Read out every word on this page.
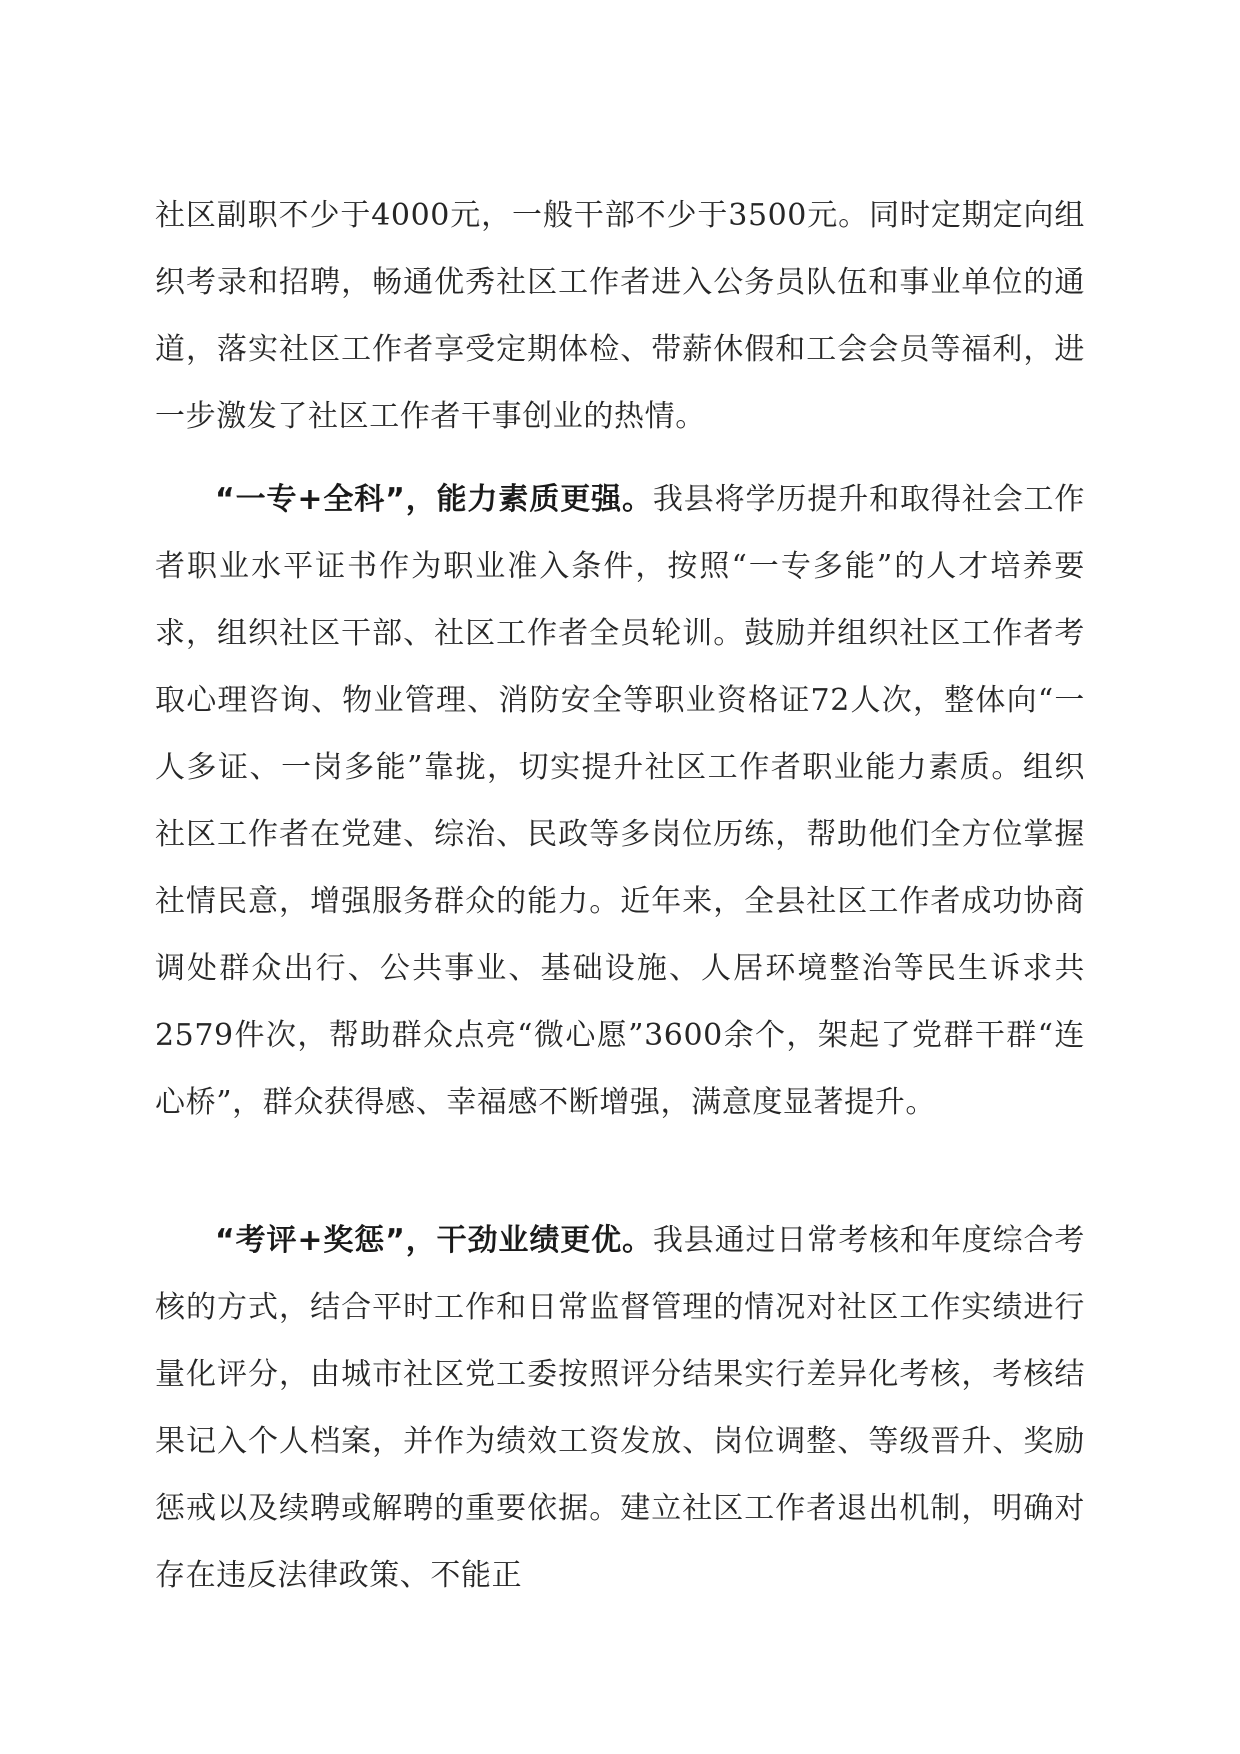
社区副职不少于4000元，一般干部不少于3500元。同时定期定向组织考录和招聘，畅通优秀社区工作者进入公务员队伍和事业单位的通道，落实社区工作者享受定期体检、带薪休假和工会会员等福利，进一步激发了社区工作者干事创业的热情。

“一专+全科”，能力素质更强。我县将学历提升和取得社会工作者职业水平证书作为职业准入条件，按照“一专多能”的人才培养要求，组织社区干部、社区工作者全员轮训。鼓励并组织社区工作者考取心理咨询、物业管理、消防安全等职业资格证72人次，整体向“一人多证、一岗多能”靠拢，切实提升社区工作者职业能力素质。组织社区工作者在党建、综治、民政等多岗位历练，帮助他们全方位掌握社情民意，增强服务群众的能力。近年来，全县社区工作者成功协商调处群众出行、公共事业、基础设施、人居环境整治等民生诉求共2579件次，帮助群众点亮“微心愿”3600余个，架起了党群干群“连心桥”，群众获得感、幸福感不断增强，满意度显著提升。

“考评+奖惩”，干劲业绩更优。我县通过日常考核和年度综合考核的方式，结合平时工作和日常监督管理的情况对社区工作实绩进行量化评分，由城市社区党工委按照评分结果实行差异化考核，考核结果记入个人档案，并作为绩效工资发放、岗位调整、等级晋升、奖励惩戒以及续聘或解聘的重要依据。建立社区工作者退出机制，明确对存在违反法律政策、不能正
